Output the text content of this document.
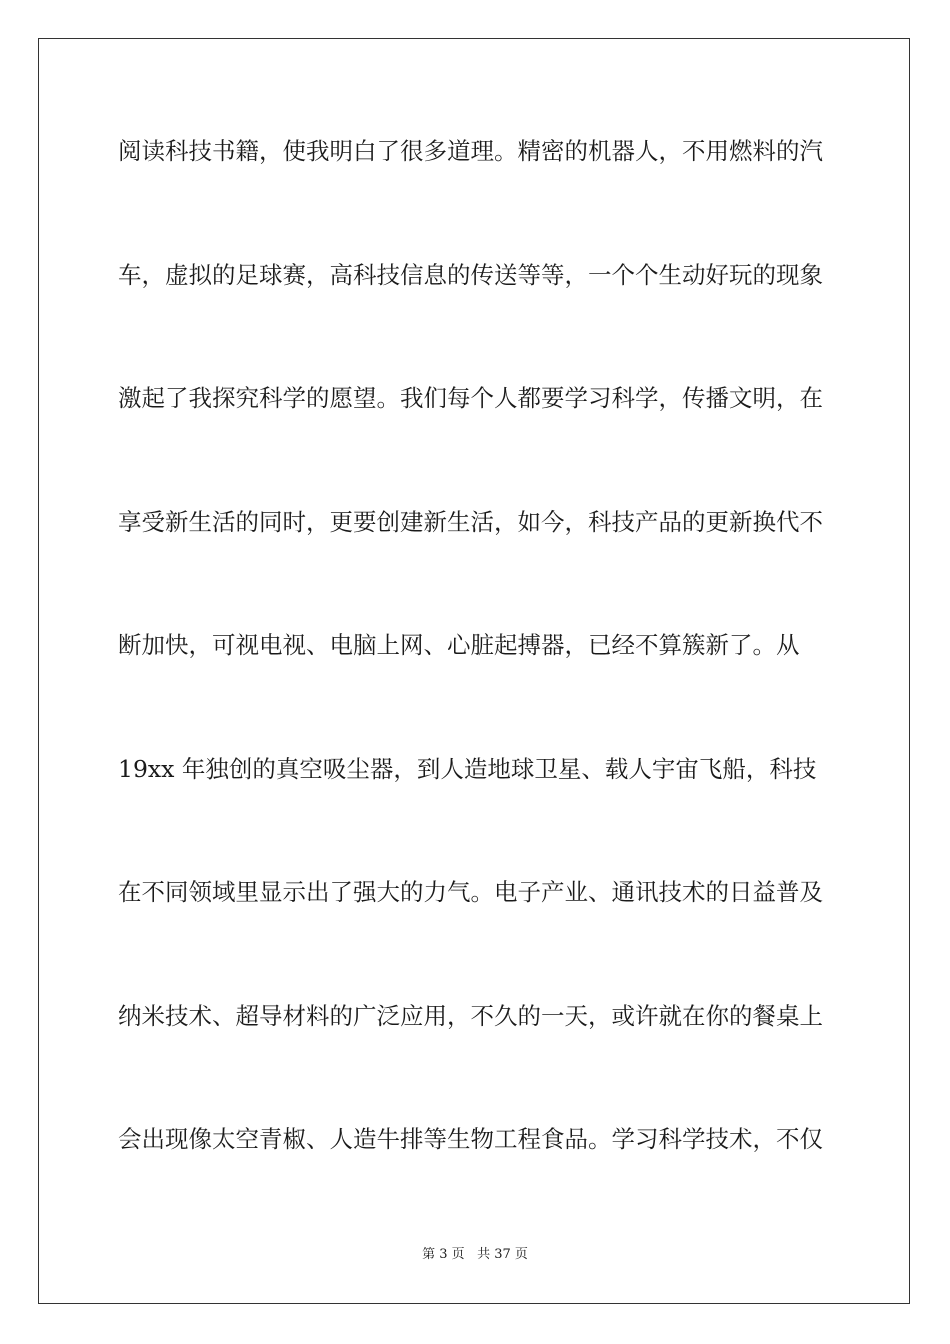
阅读科技书籍，使我明白了很多道理。精密的机器人，不用燃料的汽
车，虚拟的足球赛，高科技信息的传送等等，一个个生动好玩的现象
激起了我探究科学的愿望。我们每个人都要学习科学，传播文明，在
享受新生活的同时，更要创建新生活，如今，科技产品的更新换代不
断加快，可视电视、电脑上网、心脏起搏器，已经不算簇新了。从
19xx 年独创的真空吸尘器，到人造地球卫星、载人宇宙飞船，科技
在不同领域里显示出了强大的力气。电子产业、通讯技术的日益普及
纳米技术、超导材料的广泛应用，不久的一天，或许就在你的餐桌上
会出现像太空青椒、人造牛排等生物工程食品。学习科学技术，不仅
第 3 页 共 37 页
